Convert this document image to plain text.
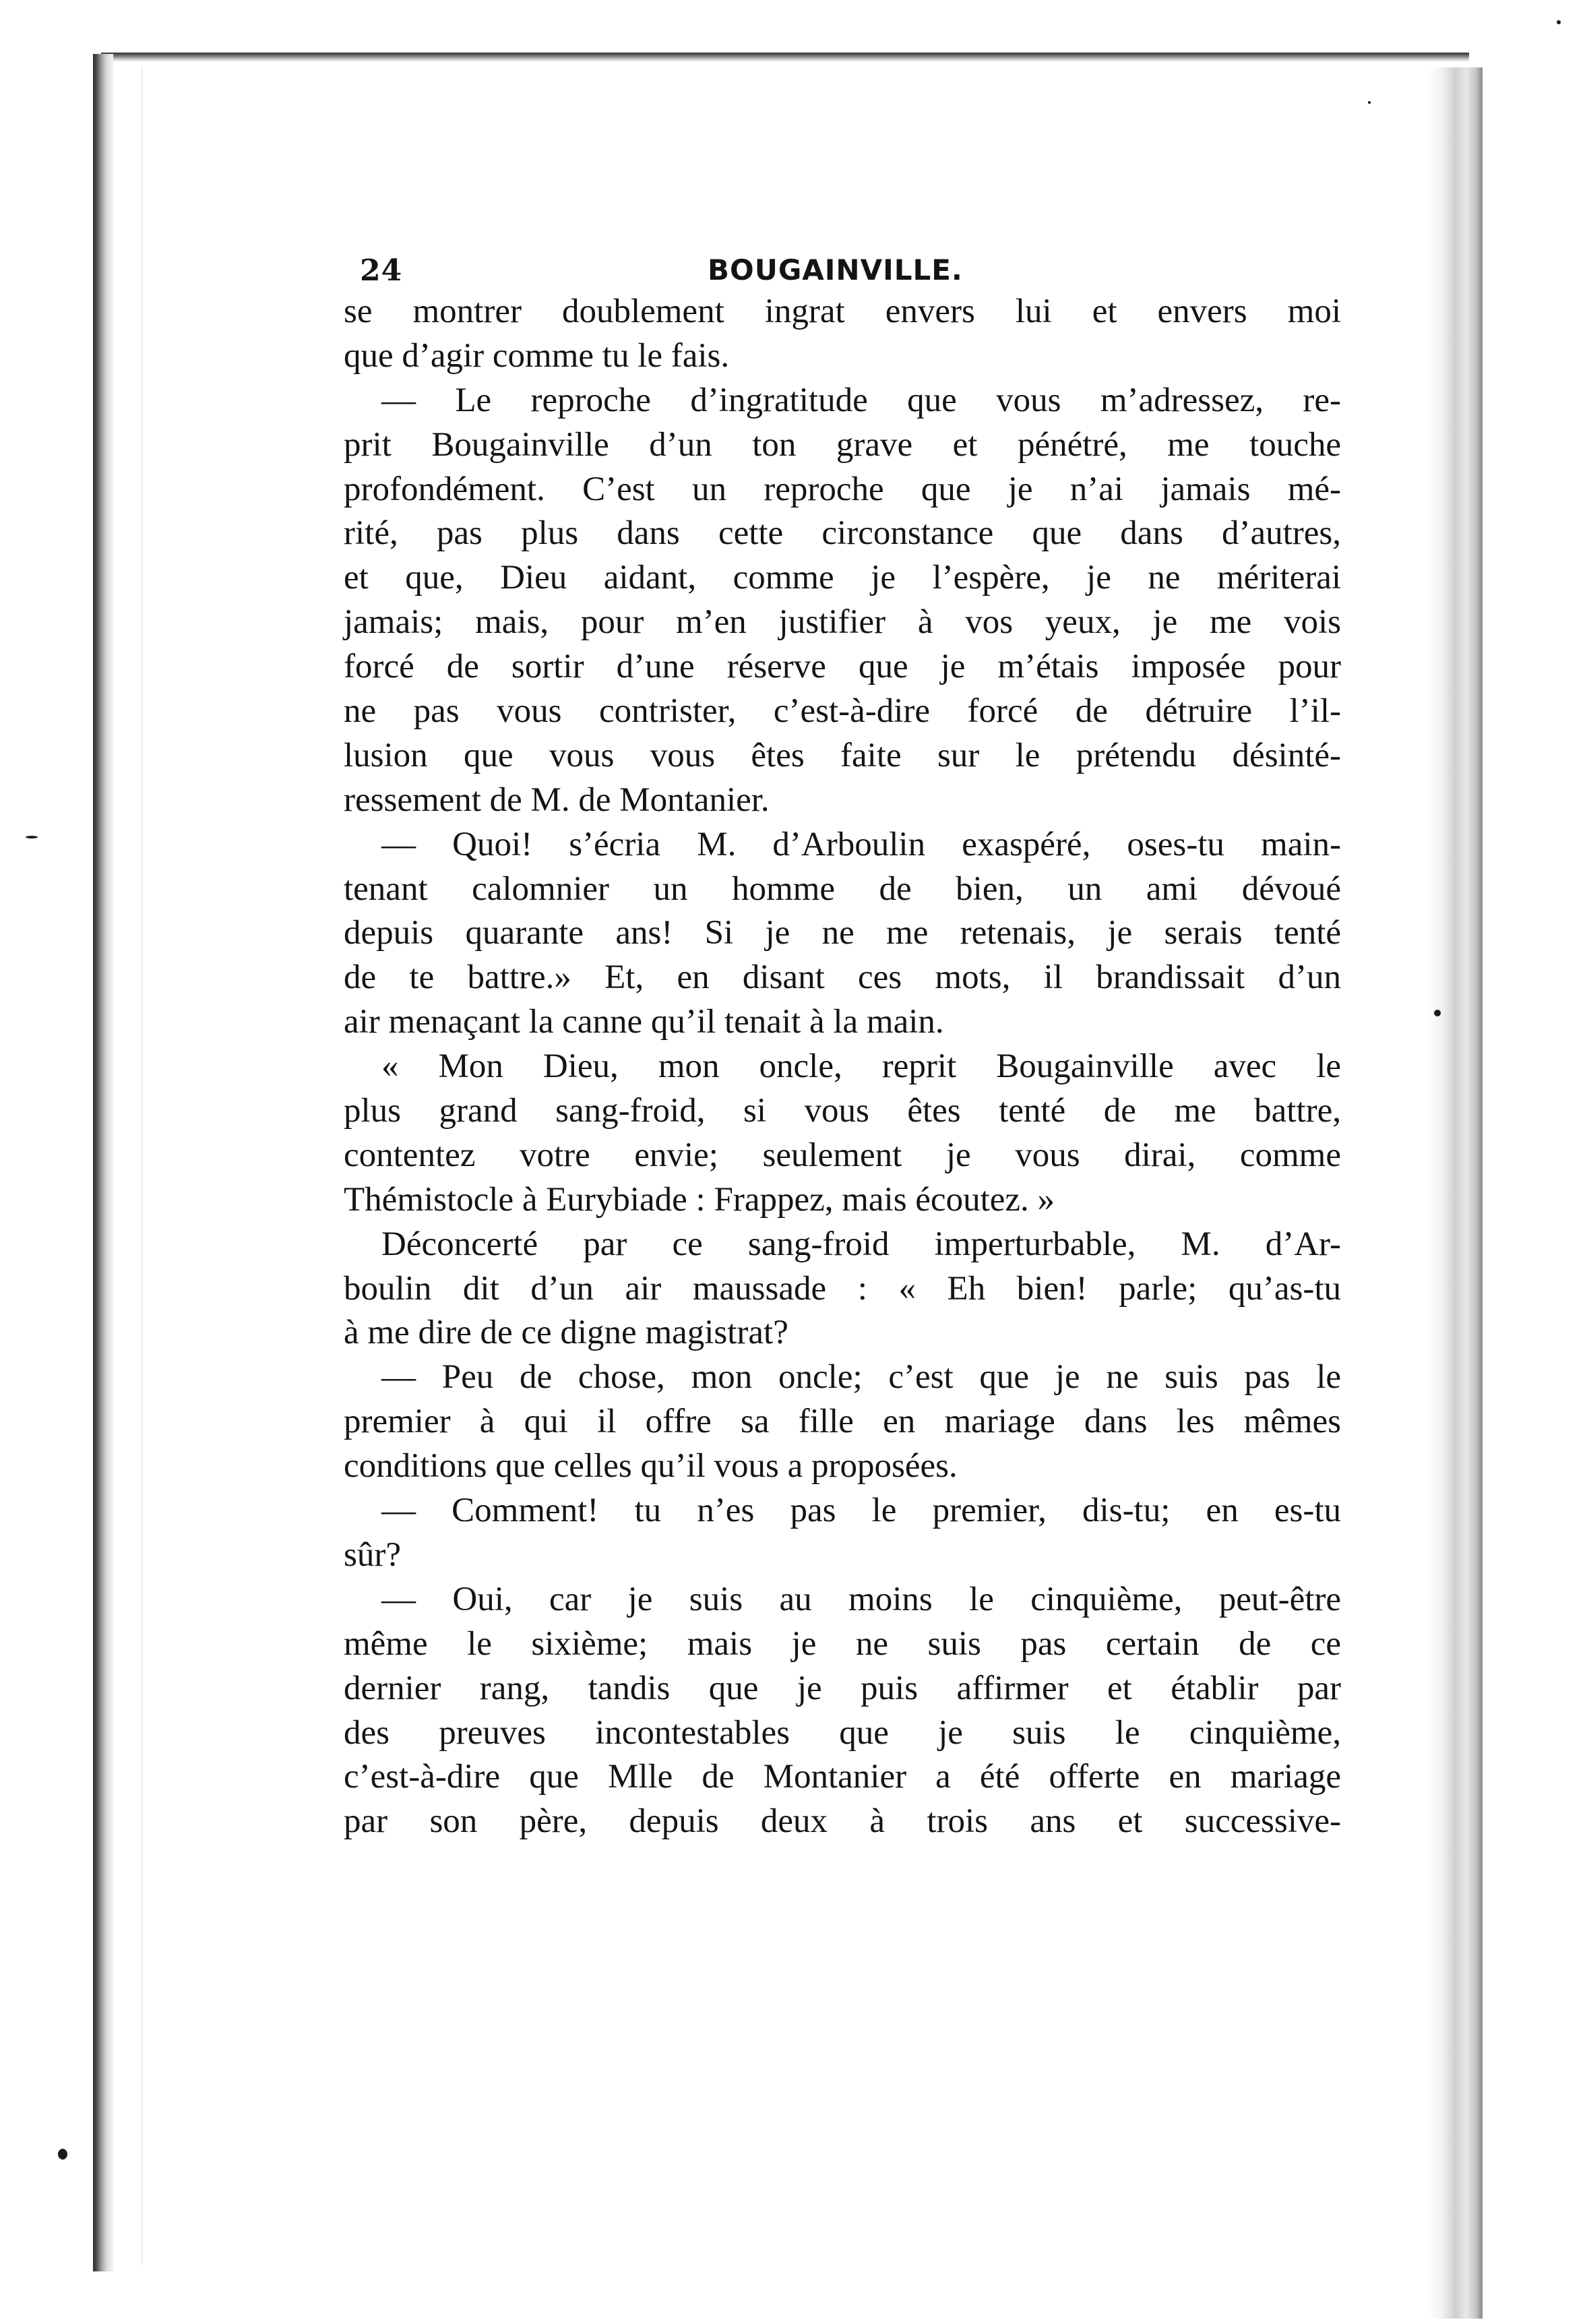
24	BOUGAINVILLE.
se montrer doublement ingrat envers lui et envers moi
que d’agir comme tu le fais.
— Le reproche d’ingratitude que vous m’adressez, re-
prit Bougainville d’un ton grave et pénétré, me touche
profondément. C’est un reproche que je n’ai jamais mé-
rité, pas plus dans cette circonstance que dans d’autres,
et que, Dieu aidant, comme je l’espère, je ne mériterai
jamais; mais, pour m’en justifier à vos yeux, je me vois
forcé de sortir d’une réserve que je m’étais imposée pour
ne pas vous contrister, c’est-à-dire forcé de détruire l’il-
lusion que vous vous êtes faite sur le prétendu désinté-
ressement de M. de Montanier.
— Quoi! s’écria M. d’Arboulin exaspéré, oses-tu main-
tenant calomnier un homme de bien, un ami dévoué
depuis quarante ans! Si je ne me retenais, je serais tenté
de te battre.» Et, en disant ces mots, il brandissait d’un
air menaçant la canne qu’il tenait à la main.
« Mon Dieu, mon oncle, reprit Bougainville avec le
plus grand sang-froid, si vous êtes tenté de me battre,
contentez votre envie; seulement je vous dirai, comme
Thémistocle à Eurybiade : Frappez, mais écoutez. »
Déconcerté par ce sang-froid imperturbable, M. d’Ar-
boulin dit d’un air maussade : « Eh bien! parle; qu’as-tu
à me dire de ce digne magistrat?
— Peu de chose, mon oncle; c’est que je ne suis pas le
premier à qui il offre sa fille en mariage dans les mêmes
conditions que celles qu’il vous a proposées.
— Comment! tu n’es pas le premier, dis-tu; en es-tu
sûr?
— Oui, car je suis au moins le cinquième, peut-être
même le sixième; mais je ne suis pas certain de ce
dernier rang, tandis que je puis affirmer et établir par
des preuves incontestables que je suis le cinquième,
c’est-à-dire que Mlle de Montanier a été offerte en mariage
par son père, depuis deux à trois ans et successive-
